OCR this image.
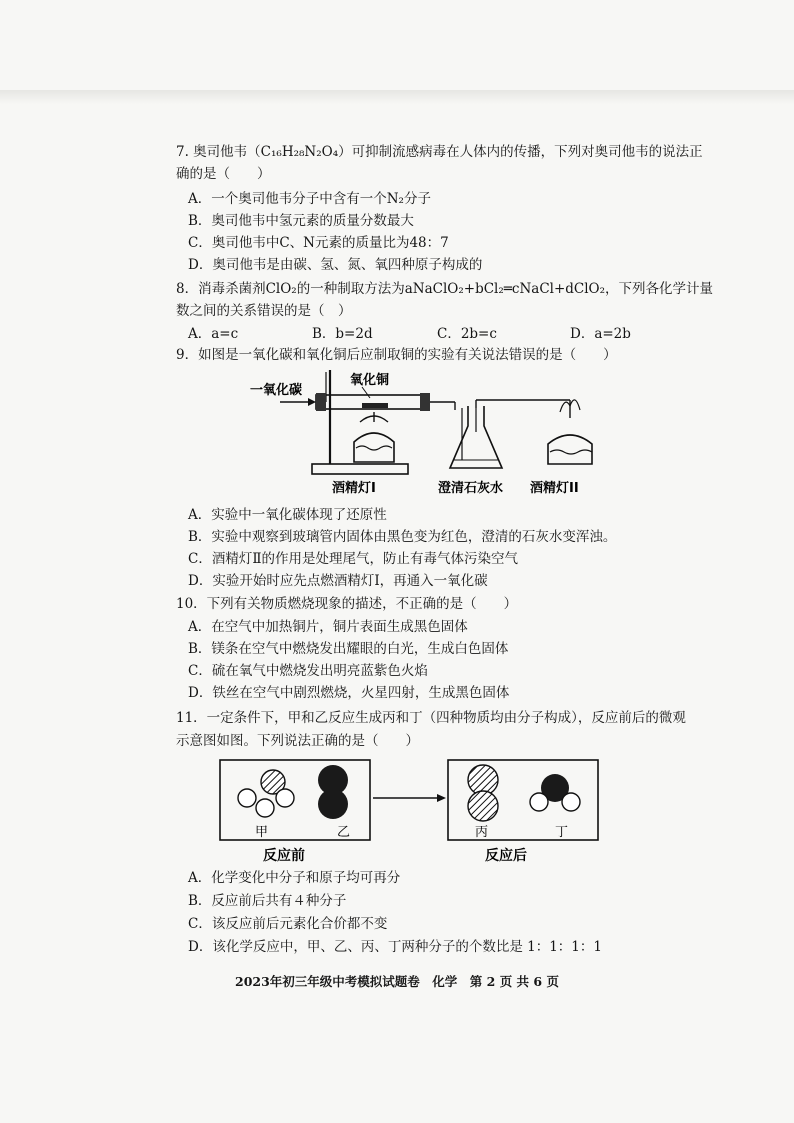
7. 奥司他韦（C₁₆H₂₈N₂O₄）可抑制流感病毒在人体内的传播，下列对奥司他韦的说法正
确的是（　　）
A．一个奥司他韦分子中含有一个N₂分子
B．奥司他韦中氢元素的质量分数最大
C．奥司他韦中C、N元素的质量比为48：7
D．奥司他韦是由碳、氢、氮、氧四种原子构成的
8．消毒杀菌剂ClO₂的一种制取方法为aNaClO₂+bCl₂═cNaCl+dClO₂，下列各化学计量
数之间的关系错误的是（　）
A．a=c	B．b=2d	C．2b=c	D．a=2b
9．如图是一氧化碳和氧化铜后应制取铜的实验有关说法错误的是（　　）
一氧化碳
氧化铜
酒精灯I	澄清石灰水 酒精灯II
A．实验中一氧化碳体现了还原性
B．实验中观察到玻璃管内固体由黑色变为红色，澄清的石灰水变浑浊。
C．酒精灯Ⅱ的作用是处理尾气，防止有毒气体污染空气
D．实验开始时应先点燃酒精灯Ⅰ，再通入一氧化碳
10．下列有关物质燃烧现象的描述，不正确的是（　　）
A．在空气中加热铜片，铜片表面生成黑色固体
B．镁条在空气中燃烧发出耀眼的白光，生成白色固体
C．硫在氧气中燃烧发出明亮蓝紫色火焰
D．铁丝在空气中剧烈燃烧，火星四射，生成黑色固体
11．一定条件下，甲和乙反应生成丙和丁（四种物质均由分子构成），反应前后的微观
示意图如图。下列说法正确的是（　　）
甲	乙
反应前
丙	丁
反应后
A．化学变化中分子和原子均可再分
B．反应前后共有４种分子
C．该反应前后元素化合价都不变
D．该化学反应中，甲、乙、丙、丁两种分子的个数比是 1：1：1：1
2023年初三年级中考模拟试题卷　化学　第 2 页 共 6 页
